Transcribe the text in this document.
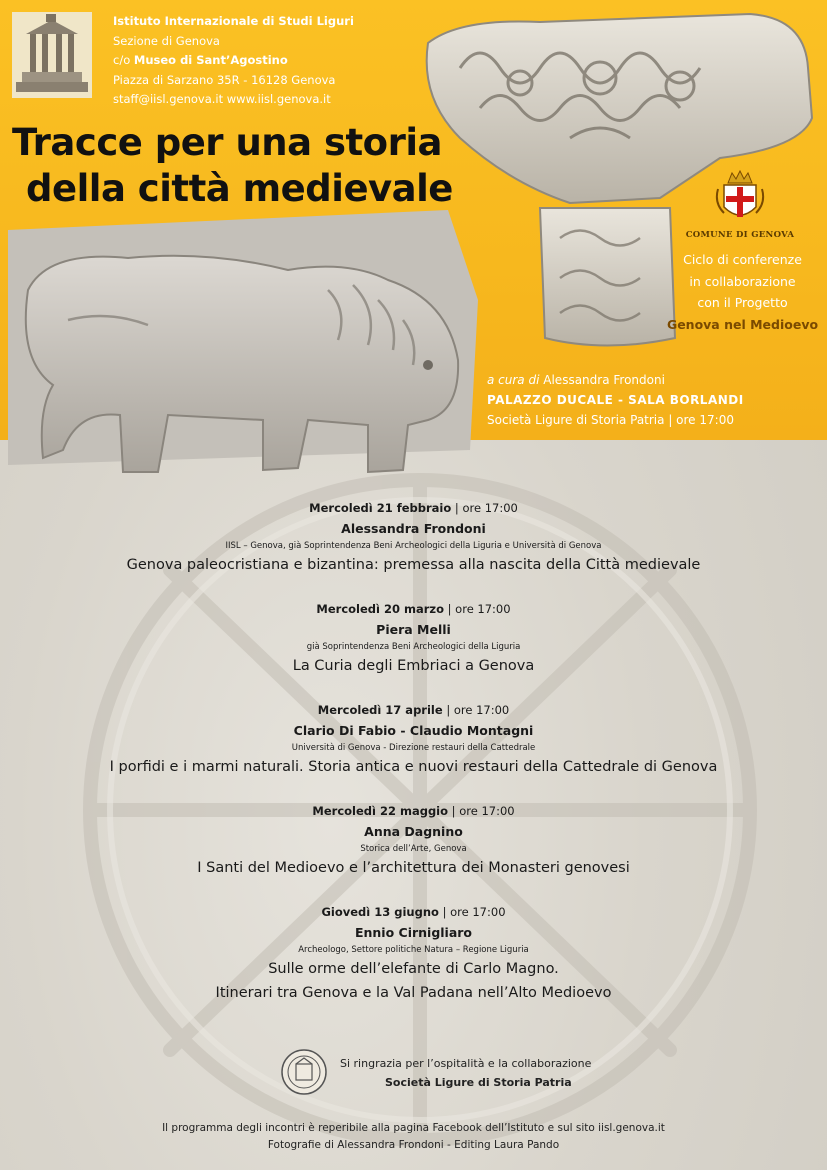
Istituto Internazionale di Studi Liguri
Sezione di Genova
c/o Museo di Sant’Agostino
Piazza di Sarzano 35R - 16128 Genova
staff@iisl.genova.it www.iisl.genova.it
Tracce per una storia
della città medievale
COMUNE DI GENOVA
Ciclo di conferenze
in collaborazione
con il Progetto
Genova nel Medioevo
a cura di Alessandra Frondoni
PALAZZO DUCALE - SALA BORLANDI
Società Ligure di Storia Patria | ore 17:00
Mercoledì 21 febbraio | ore 17:00
Alessandra Frondoni
IISL – Genova, già Soprintendenza Beni Archeologici della Liguria e Università di Genova
Genova paleocristiana e bizantina: premessa alla nascita della Città medievale
Mercoledì 20 marzo | ore 17:00
Piera Melli
già Soprintendenza Beni Archeologici della Liguria
La Curia degli Embriaci a Genova
Mercoledì 17 aprile | ore 17:00
Clario Di Fabio - Claudio Montagni
Università di Genova - Direzione restauri della Cattedrale
I porfidi e i marmi naturali. Storia antica e nuovi restauri della Cattedrale di Genova
Mercoledì 22 maggio | ore 17:00
Anna Dagnino
Storica dell’Arte, Genova
I Santi del Medioevo e l’architettura dei Monasteri genovesi
Giovedì 13 giugno | ore 17:00
Ennio Cirnigliaro
Archeologo, Settore politiche Natura – Regione Liguria
Sulle orme dell’elefante di Carlo Magno.
Itinerari tra Genova e la Val Padana nell’Alto Medioevo
Si ringrazia per l’ospitalità e la collaborazione
Società Ligure di Storia Patria
Il programma degli incontri è reperibile alla pagina Facebook dell’Istituto e sul sito iisl.genova.it
Fotografie di Alessandra Frondoni - Editing Laura Pando
